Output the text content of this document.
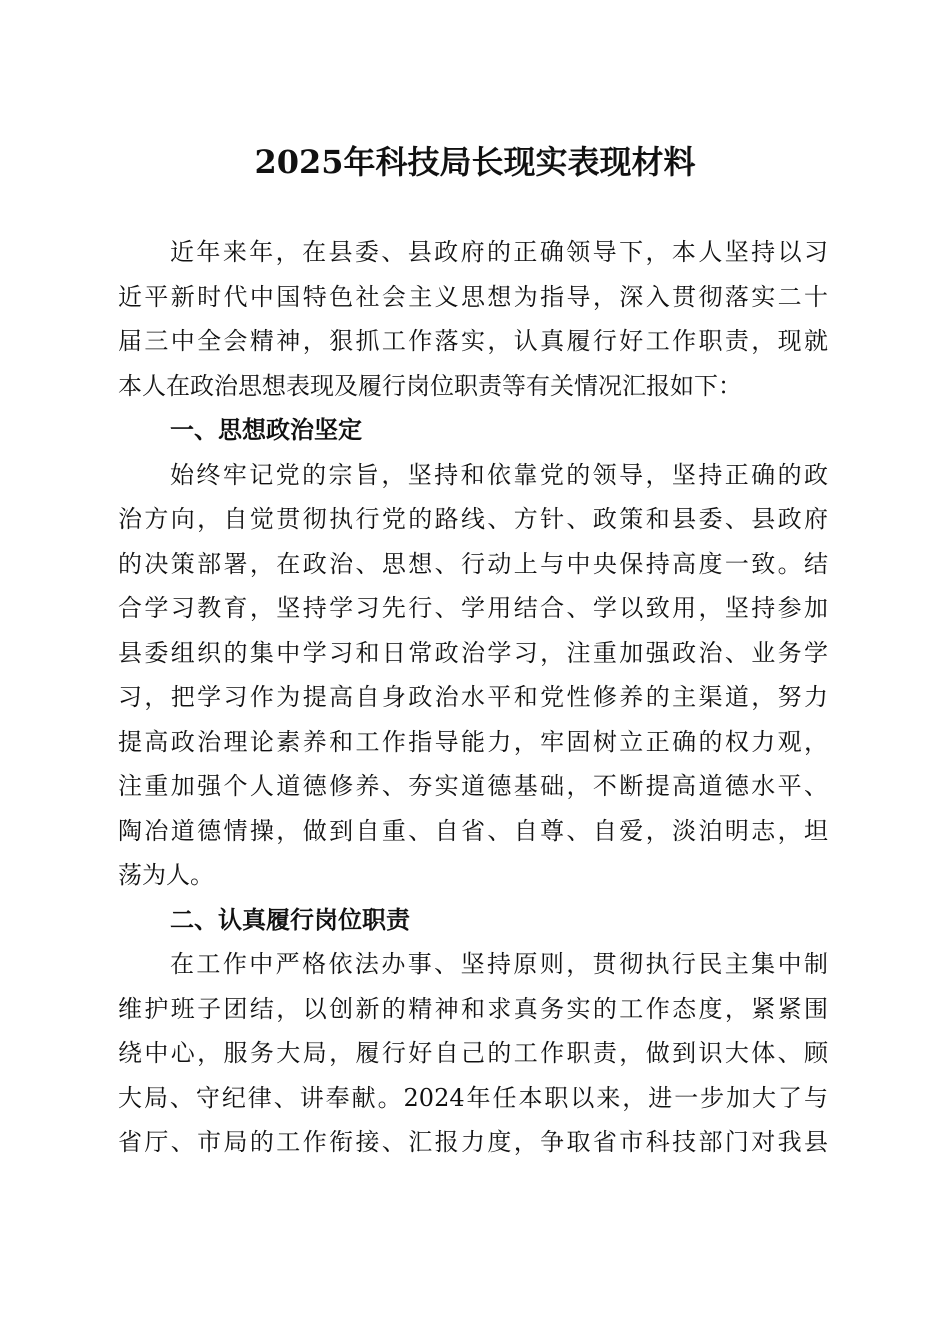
2025年科技局长现实表现材料
近年来年，在县委、县政府的正确领导下，本人坚持以习
近平新时代中国特色社会主义思想为指导，深入贯彻落实二十
届三中全会精神，狠抓工作落实，认真履行好工作职责，现就
本人在政治思想表现及履行岗位职责等有关情况汇报如下：
一、思想政治坚定
始终牢记党的宗旨，坚持和依靠党的领导，坚持正确的政
治方向，自觉贯彻执行党的路线、方针、政策和县委、县政府
的决策部署，在政治、思想、行动上与中央保持高度一致。结
合学习教育，坚持学习先行、学用结合、学以致用，坚持参加
县委组织的集中学习和日常政治学习，注重加强政治、业务学
习，把学习作为提高自身政治水平和党性修养的主渠道，努力
提高政治理论素养和工作指导能力，牢固树立正确的权力观，
注重加强个人道德修养、夯实道德基础，不断提高道德水平、
陶冶道德情操，做到自重、自省、自尊、自爱，淡泊明志，坦
荡为人。
二、认真履行岗位职责
在工作中严格依法办事、坚持原则，贯彻执行民主集中制
维护班子团结，以创新的精神和求真务实的工作态度，紧紧围
绕中心，服务大局，履行好自己的工作职责，做到识大体、顾
大局、守纪律、讲奉献。2024年任本职以来，进一步加大了与
省厅、市局的工作衔接、汇报力度，争取省市科技部门对我县
